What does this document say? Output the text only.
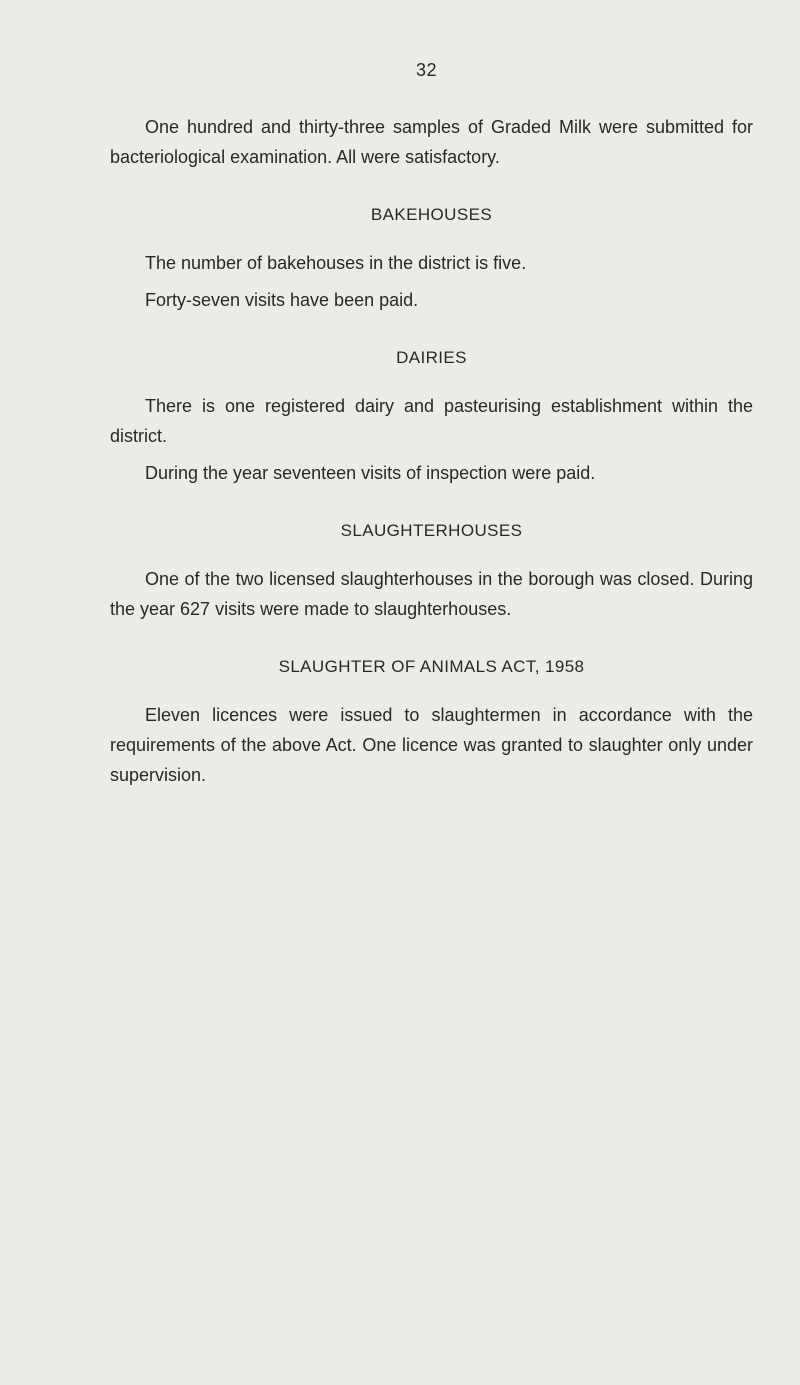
32

One hundred and thirty-three samples of Graded Milk were submitted for bacteriological examination. All were satisfactory.

BAKEHOUSES

The number of bakehouses in the district is five.

Forty-seven visits have been paid.

DAIRIES

There is one registered dairy and pasteurising establishment within the district.

During the year seventeen visits of inspection were paid.

SLAUGHTERHOUSES

One of the two licensed slaughterhouses in the borough was closed. During the year 627 visits were made to slaughterhouses.

SLAUGHTER OF ANIMALS ACT, 1958

Eleven licences were issued to slaughtermen in accordance with the requirements of the above Act. One licence was granted to slaughter only under supervision.
